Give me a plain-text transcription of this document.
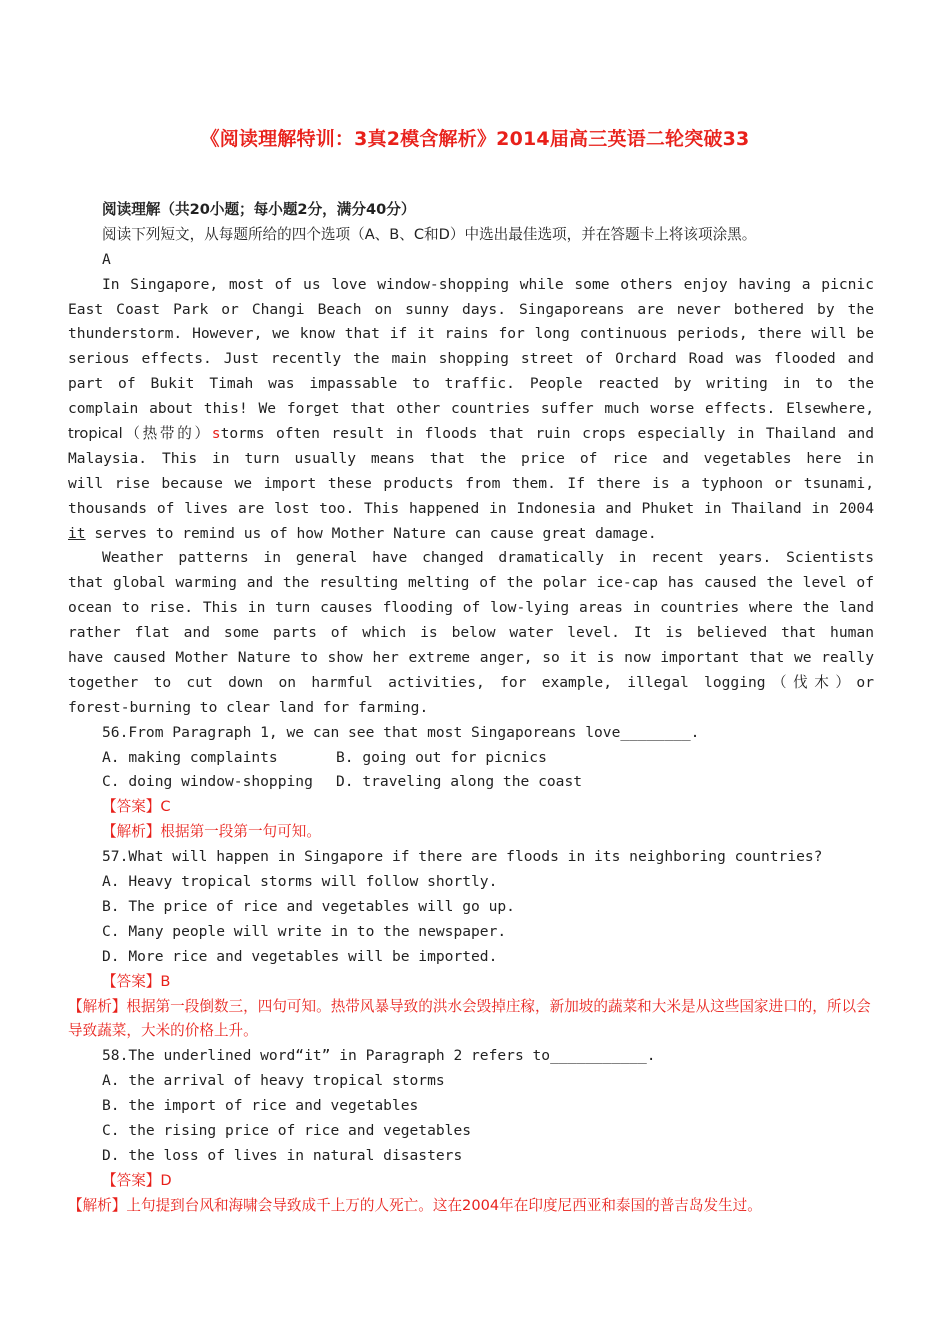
《阅读理解特训：3真2模含解析》2014届高三英语二轮突破33
阅读理解（共20小题；每小题2分，满分40分）
阅读下列短文，从每题所给的四个选项（A、B、C和D）中选出最佳选项，并在答题卡上将该项涂黑。
A
In Singapore, most of us love window-shopping while some others enjoy having a picnic
East Coast Park or Changi Beach on sunny days. Singaporeans are never bothered by the
thunderstorm. However, we know that if it rains for long continuous periods, there will be
serious effects. Just recently the main shopping street of Orchard Road was flooded and
part of Bukit Timah was impassable to traffic. People reacted by writing in to the
complain about this! We forget that other countries suffer much worse effects. Elsewhere,
tropical（热带的）storms often result in floods that ruin crops especially in Thailand and
Malaysia. This in turn usually means that the price of rice and vegetables here in
will rise because we import these products from them. If there is a typhoon or tsunami,
thousands of lives are lost too. This happened in Indonesia and Phuket in Thailand in 2004
it serves to remind us of how Mother Nature can cause great damage.
Weather patterns in general have changed dramatically in recent years. Scientists
that global warming and the resulting melting of the polar ice-cap has caused the level of
ocean to rise. This in turn causes flooding of low-lying areas in countries where the land
rather flat and some parts of which is below water level. It is believed that human
have caused Mother Nature to show her extreme anger, so it is now important that we really
together to cut down on harmful activities, for example, illegal logging（伐木）or
forest-burning to clear land for farming.
56.From Paragraph 1, we can see that most Singaporeans love________.
A. making complaints	B. going out for picnics
C. doing window-shopping	D. traveling along the coast
【答案】C
【解析】根据第一段第一句可知。
57.What will happen in Singapore if there are floods in its neighboring countries?
A. Heavy tropical storms will follow shortly.
B. The price of rice and vegetables will go up.
C. Many people will write in to the newspaper.
D. More rice and vegetables will be imported.
【答案】B
【解析】根据第一段倒数三，四句可知。热带风暴导致的洪水会毁掉庄稼，新加坡的蔬菜和大米是从这些国家进口的，所以会导致蔬菜，大米的价格上升。
58.The underlined word“it” in Paragraph 2 refers to___________.
A. the arrival of heavy tropical storms
B. the import of rice and vegetables
C. the rising price of rice and vegetables
D. the loss of lives in natural disasters
【答案】D
【解析】上句提到台风和海啸会导致成千上万的人死亡。这在2004年在印度尼西亚和泰国的普吉岛发生过。
